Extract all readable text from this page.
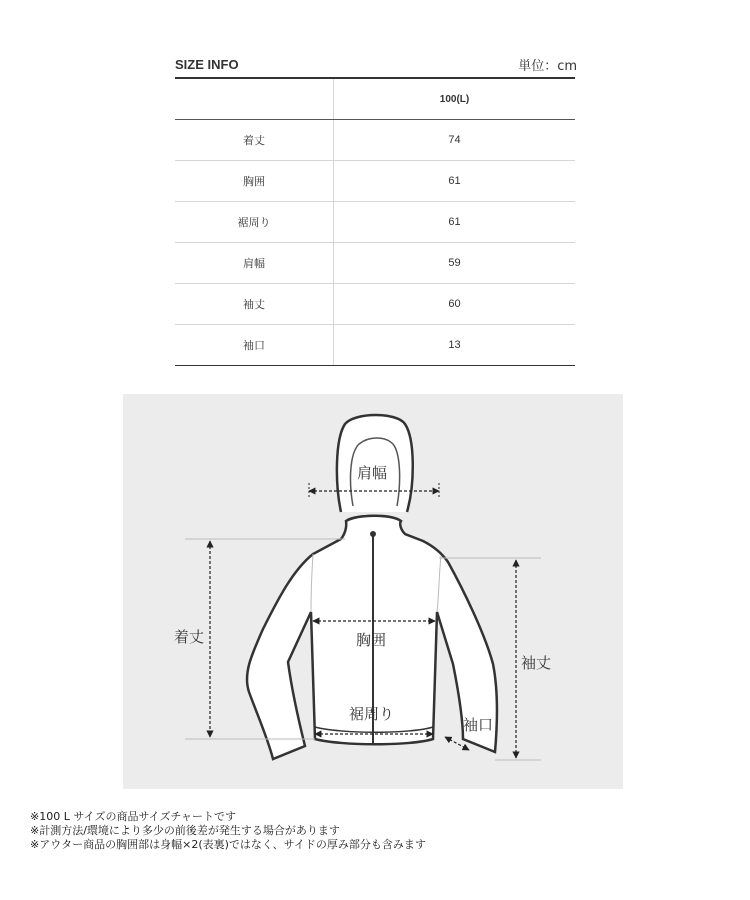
SIZE INFO	単位：cm
	100(L)
着丈	74
胸囲	61
裾周り	61
肩幅	59
袖丈	60
袖口	13
肩幅
着丈	胸囲
裾周り
袖丈
袖口
※100 L サイズの商品サイズチャートです
※計測方法/環境により多少の前後差が発生する場合があります
※アウター商品の胸囲部は身幅×2(表裏)ではなく、サイドの厚み部分も含みます
